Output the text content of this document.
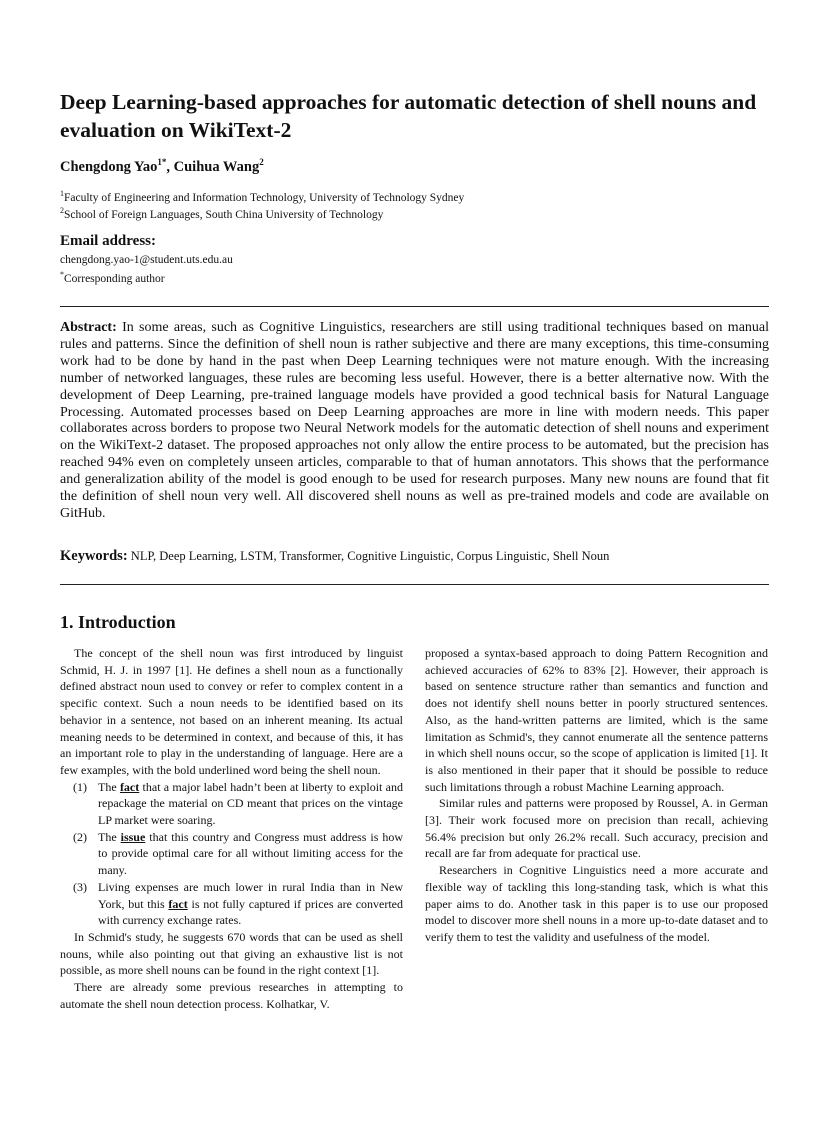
Deep Learning-based approaches for automatic detection of shell nouns and evaluation on WikiText-2
Chengdong Yao$^{1*}$, Cuihua Wang$^2$
$^1$Faculty of Engineering and Information Technology, University of Technology Sydney
$^2$School of Foreign Languages, South China University of Technology
Email address:
chengdong.yao-1@student.uts.edu.au
*Corresponding author

Abstract: In some areas, such as Cognitive Linguistics, researchers are still using traditional techniques based on manual rules and patterns. Since the definition of shell noun is rather subjective and there are many exceptions, this time-consuming work had to be done by hand in the past when Deep Learning techniques were not mature enough. With the increasing number of networked languages, these rules are becoming less useful. However, there is a better alternative now. With the development of Deep Learning, pre-trained language models have provided a good technical basis for Natural Language Processing. Automated processes based on Deep Learning approaches are more in line with modern needs. This paper collaborates across borders to propose two Neural Network models for the automatic detection of shell nouns and experiment on the WikiText-2 dataset. The proposed approaches not only allow the entire process to be automated, but the precision has reached 94% even on completely unseen articles, comparable to that of human annotators. This shows that the performance and generalization ability of the model is good enough to be used for research purposes. Many new nouns are found that fit the definition of shell noun very well. All discovered shell nouns as well as pre-trained models and code are available on GitHub.

Keywords: NLP, Deep Learning, LSTM, Transformer, Cognitive Linguistic, Corpus Linguistic, Shell Noun
1. Introduction

The concept of the shell noun was first introduced by linguist Schmid, H. J. in 1997 [1]. He defines a shell noun as a functionally defined abstract noun used to convey or refer to complex content in a specific context. Such a noun needs to be identified based on its behavior in a sentence, not based on an inherent meaning. Its actual meaning needs to be determined in context, and because of this, it has an important role to play in the understanding of language. Here are a few examples, with the bold underlined word being the shell noun.

(1) The fact that a major label hadn’t been at liberty to exploit and repackage the material on CD meant that prices on the vintage LP market were soaring.

(2) The issue that this country and Congress must address is how to provide optimal care for all without limiting access for the many.

(3) Living expenses are much lower in rural India than in New York, but this fact is not fully captured if prices are converted with currency exchange rates.

In Schmid's study, he suggests 670 words that can be used as shell nouns, while also pointing out that giving an exhaustive list is not possible, as more shell nouns can be found in the right context [1].

There are already some previous researches in attempting to automate the shell noun detection process. Kolhatkar, V.

proposed a syntax-based approach to doing Pattern Recognition and achieved accuracies of 62% to 83% [2]. However, their approach is based on sentence structure rather than semantics and function and does not identify shell nouns better in poorly structured sentences. Also, as the hand-written patterns are limited, which is the same limitation as Schmid's, they cannot enumerate all the sentence patterns in which shell nouns occur, so the scope of application is limited [1]. It is also mentioned in their paper that it should be possible to reduce such limitations through a robust Machine Learning approach.

Similar rules and patterns were proposed by Roussel, A. in German [3]. Their work focused more on precision than recall, achieving 56.4% precision but only 26.2% recall. Such accuracy, precision and recall are far from adequate for practical use.

Researchers in Cognitive Linguistics need a more accurate and flexible way of tackling this long-standing task, which is what this paper aims to do. Another task in this paper is to use our proposed model to discover more shell nouns in a more up-to-date dataset and to verify them to test the validity and usefulness of the model.
